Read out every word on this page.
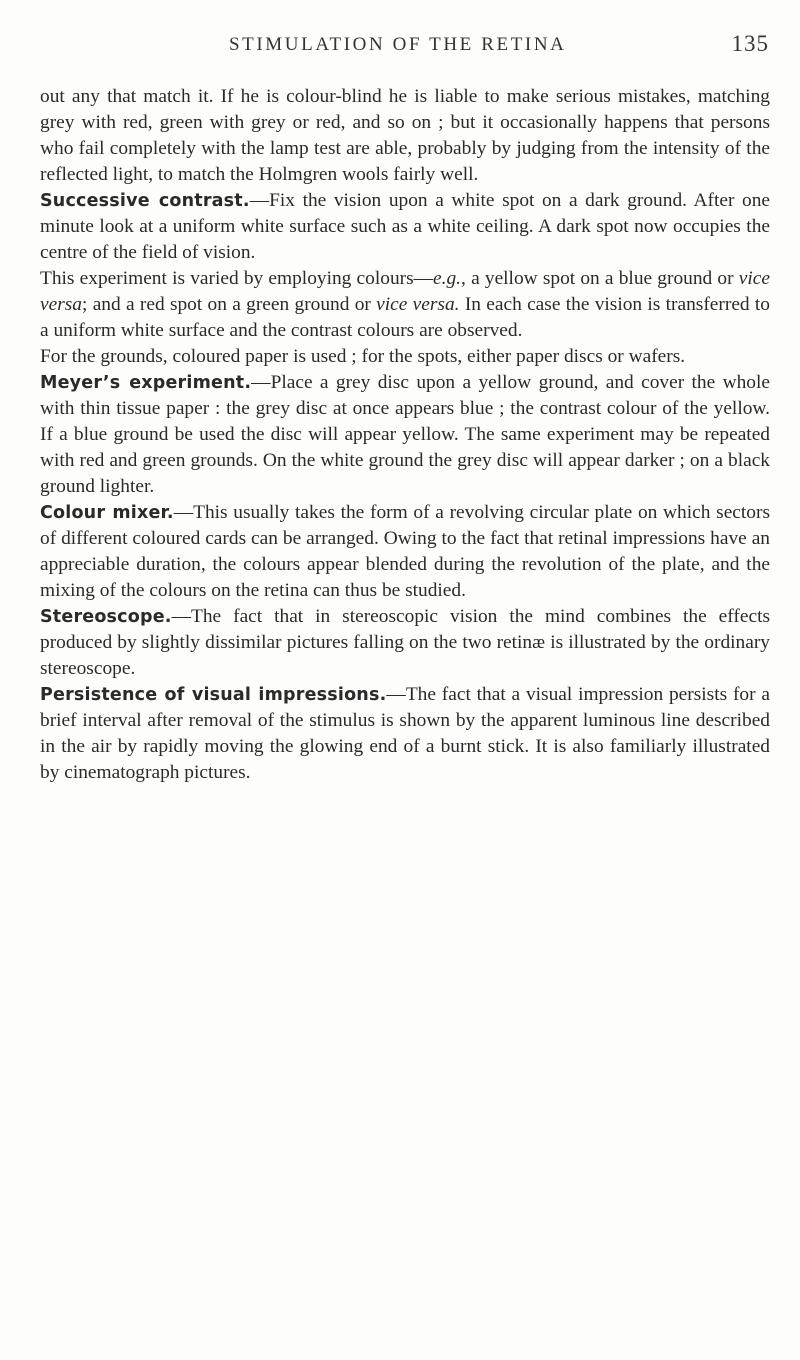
STIMULATION OF THE RETINA	135

out any that match it. If he is colour-blind he is liable to make serious mistakes, matching grey with red, green with grey or red, and so on ; but it occasionally happens that persons who fail completely with the lamp test are able, probably by judging from the intensity of the reflected light, to match the Holmgren wools fairly well.

Successive contrast.—Fix the vision upon a white spot on a dark ground. After one minute look at a uniform white surface such as a white ceiling. A dark spot now occupies the centre of the field of vision.

This experiment is varied by employing colours—e.g., a yellow spot on a blue ground or vice versa; and a red spot on a green ground or vice versa. In each case the vision is transferred to a uniform white surface and the contrast colours are observed.

For the grounds, coloured paper is used ; for the spots, either paper discs or wafers.

Meyer’s experiment.—Place a grey disc upon a yellow ground, and cover the whole with thin tissue paper : the grey disc at once appears blue ; the contrast colour of the yellow. If a blue ground be used the disc will appear yellow. The same experiment may be repeated with red and green grounds. On the white ground the grey disc will appear darker ; on a black ground lighter.

Colour mixer.—This usually takes the form of a revolving circular plate on which sectors of different coloured cards can be arranged. Owing to the fact that retinal impressions have an appreciable duration, the colours appear blended during the revolution of the plate, and the mixing of the colours on the retina can thus be studied.

Stereoscope.—The fact that in stereoscopic vision the mind combines the effects produced by slightly dissimilar pictures falling on the two retinæ is illustrated by the ordinary stereoscope.

Persistence of visual impressions.—The fact that a visual impression persists for a brief interval after removal of the stimulus is shown by the apparent luminous line described in the air by rapidly moving the glowing end of a burnt stick. It is also familiarly illustrated by cinematograph pictures.
